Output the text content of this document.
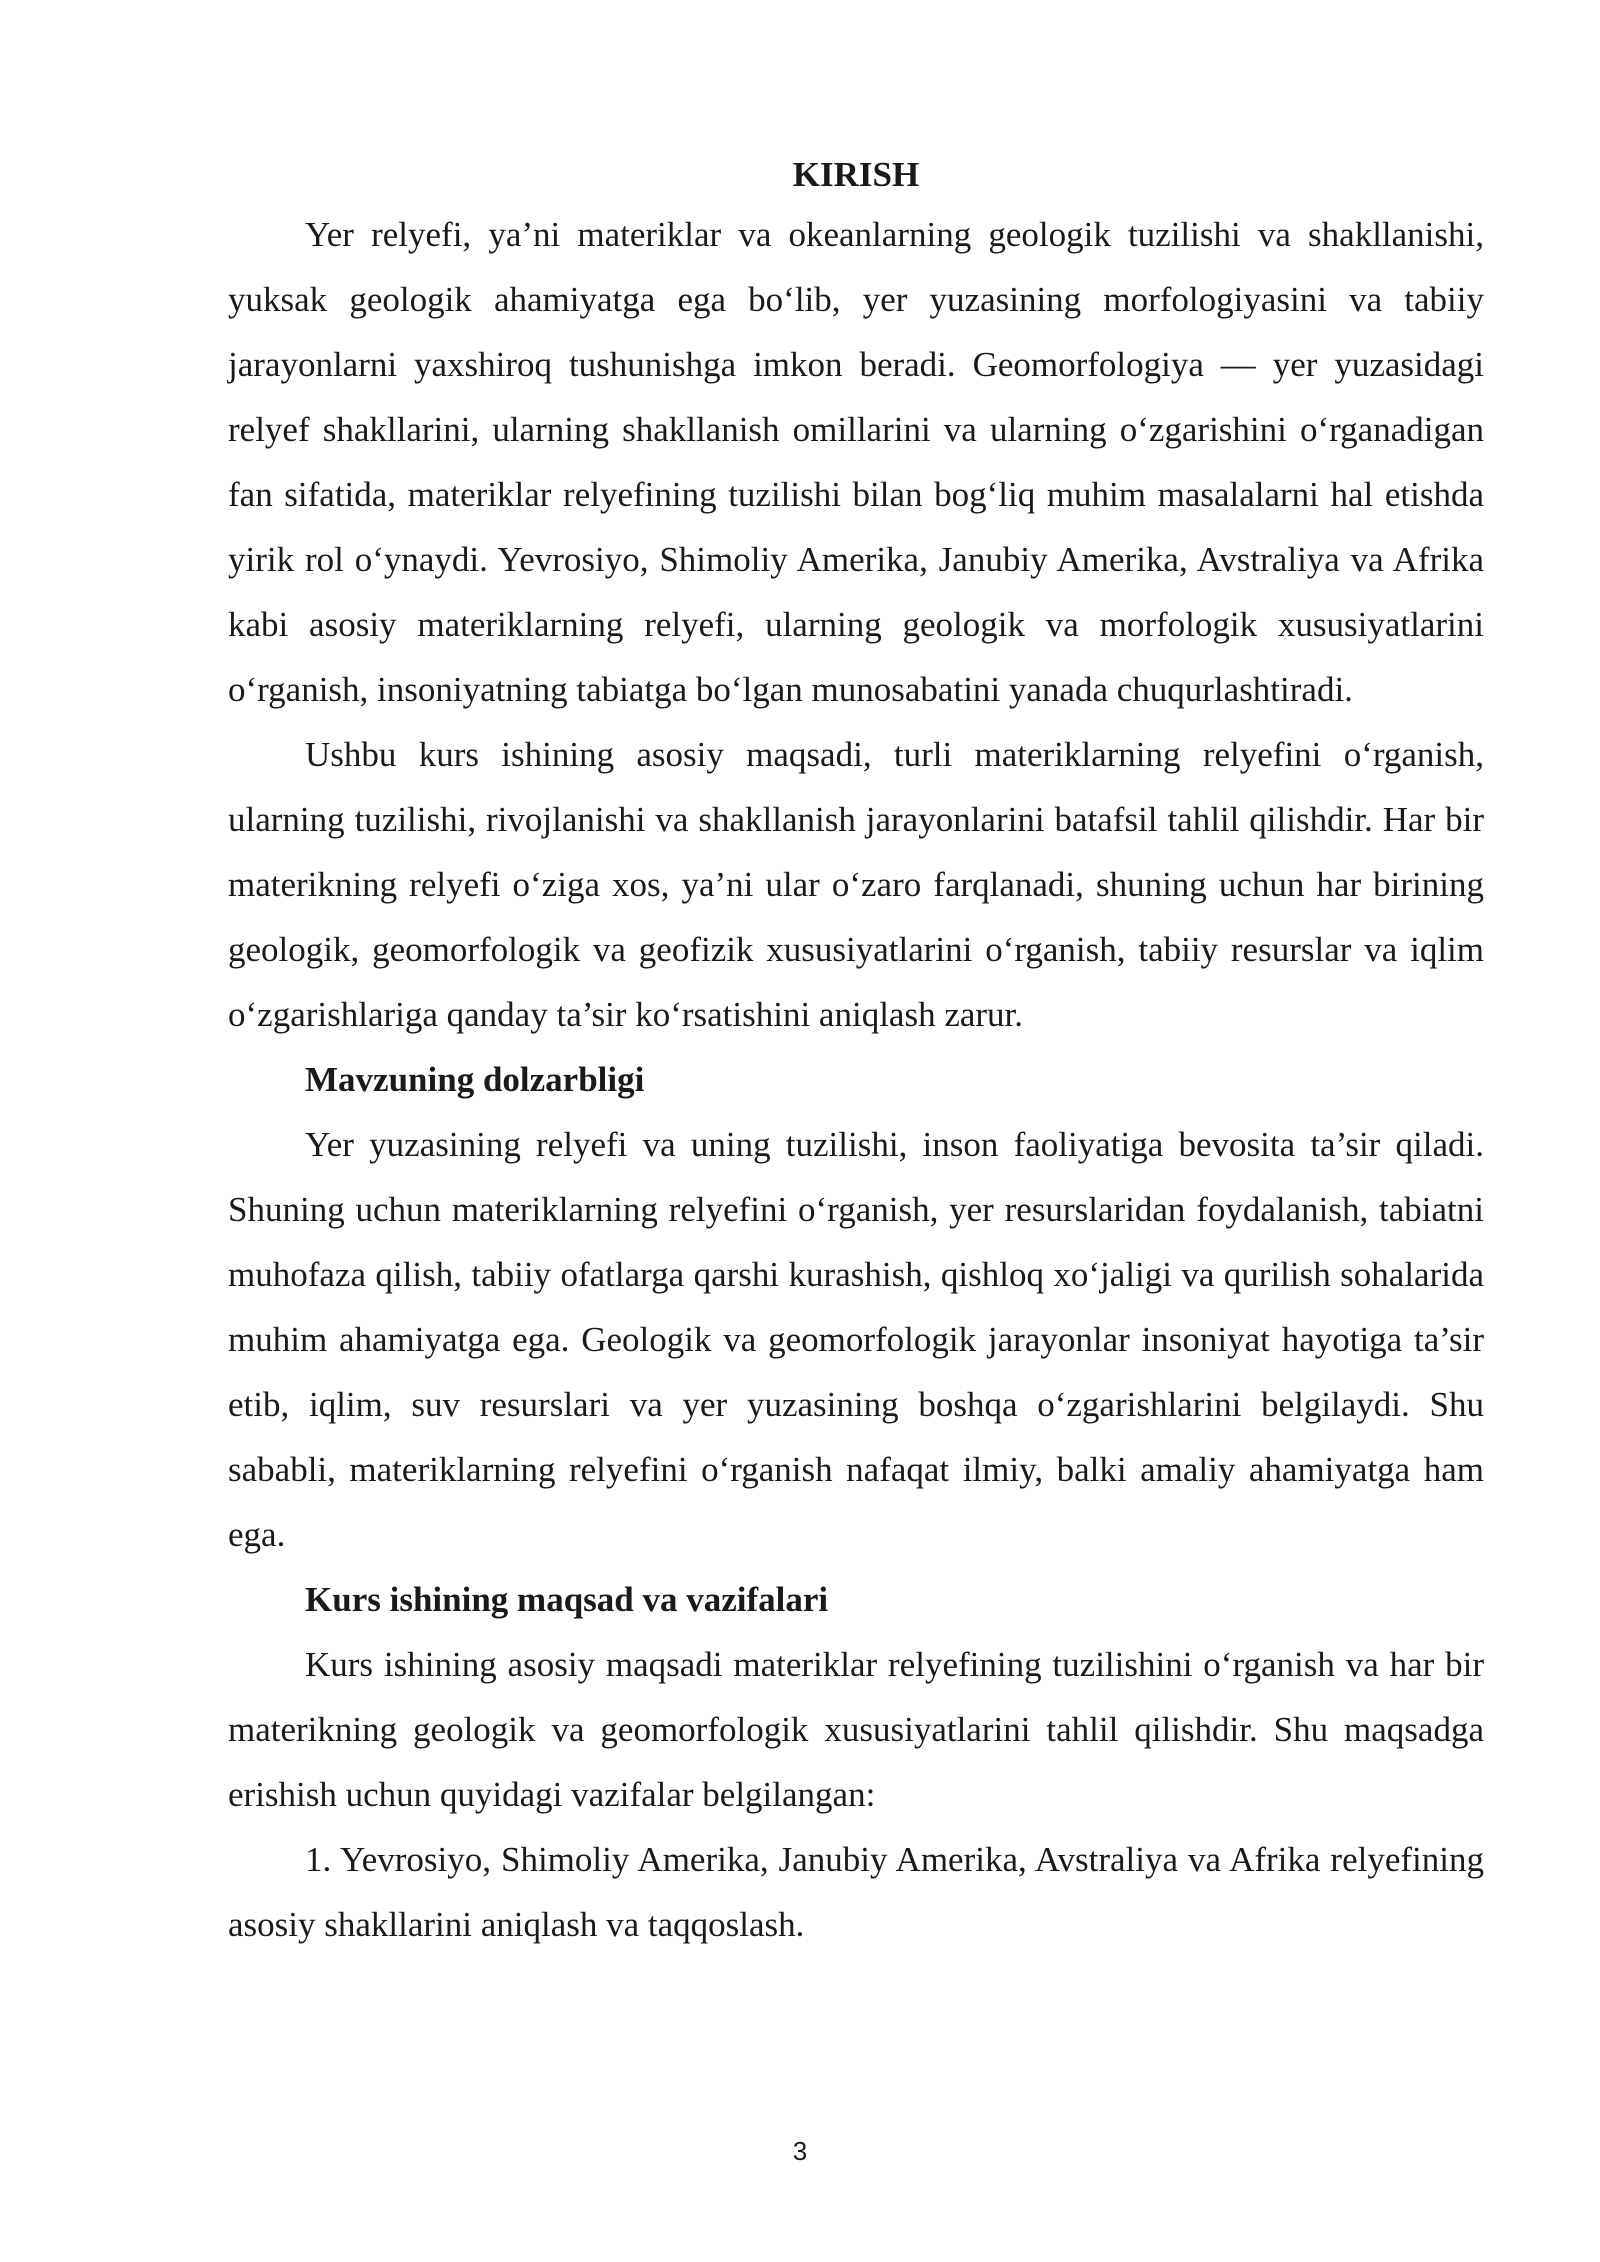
KIRISH

Yer relyefi, ya’ni materiklar va okeanlarning geologik tuzilishi va shakllanishi, yuksak geologik ahamiyatga ega bo‘lib, yer yuzasining morfologiyasini va tabiiy jarayonlarni yaxshiroq tushunishga imkon beradi. Geomorfologiya — yer yuzasidagi relyef shakllarini, ularning shakllanish omillarini va ularning o‘zgarishini o‘rganadigan fan sifatida, materiklar relyefining tuzilishi bilan bog‘liq muhim masalalarni hal etishda yirik rol o‘ynaydi. Yevrosiyo, Shimoliy Amerika, Janubiy Amerika, Avstraliya va Afrika kabi asosiy materiklarning relyefi, ularning geologik va morfologik xususiyatlarini o‘rganish, insoniyatning tabiatga bo‘lgan munosabatini yanada chuqurlashtiradi.

Ushbu kurs ishining asosiy maqsadi, turli materiklarning relyefini o‘rganish, ularning tuzilishi, rivojlanishi va shakllanish jarayonlarini batafsil tahlil qilishdir. Har bir materikning relyefi o‘ziga xos, ya’ni ular o‘zaro farqlanadi, shuning uchun har birining geologik, geomorfologik va geofizik xususiyatlarini o‘rganish, tabiiy resurslar va iqlim o‘zgarishlariga qanday ta’sir ko‘rsatishini aniqlash zarur.

Mavzuning dolzarbligi

Yer yuzasining relyefi va uning tuzilishi, inson faoliyatiga bevosita ta’sir qiladi. Shuning uchun materiklarning relyefini o‘rganish, yer resurslaridan foydalanish, tabiatni muhofaza qilish, tabiiy ofatlarga qarshi kurashish, qishloq xo‘jaligi va qurilish sohalarida muhim ahamiyatga ega. Geologik va geomorfologik jarayonlar insoniyat hayotiga ta’sir etib, iqlim, suv resurslari va yer yuzasining boshqa o‘zgarishlarini belgilaydi. Shu sababli, materiklarning relyefini o‘rganish nafaqat ilmiy, balki amaliy ahamiyatga ham ega.

Kurs ishining maqsad va vazifalari

Kurs ishining asosiy maqsadi materiklar relyefining tuzilishini o‘rganish va har bir materikning geologik va geomorfologik xususiyatlarini tahlil qilishdir. Shu maqsadga erishish uchun quyidagi vazifalar belgilangan:

1. Yevrosiyo, Shimoliy Amerika, Janubiy Amerika, Avstraliya va Afrika relyefining asosiy shakllarini aniqlash va taqqoslash.

3
